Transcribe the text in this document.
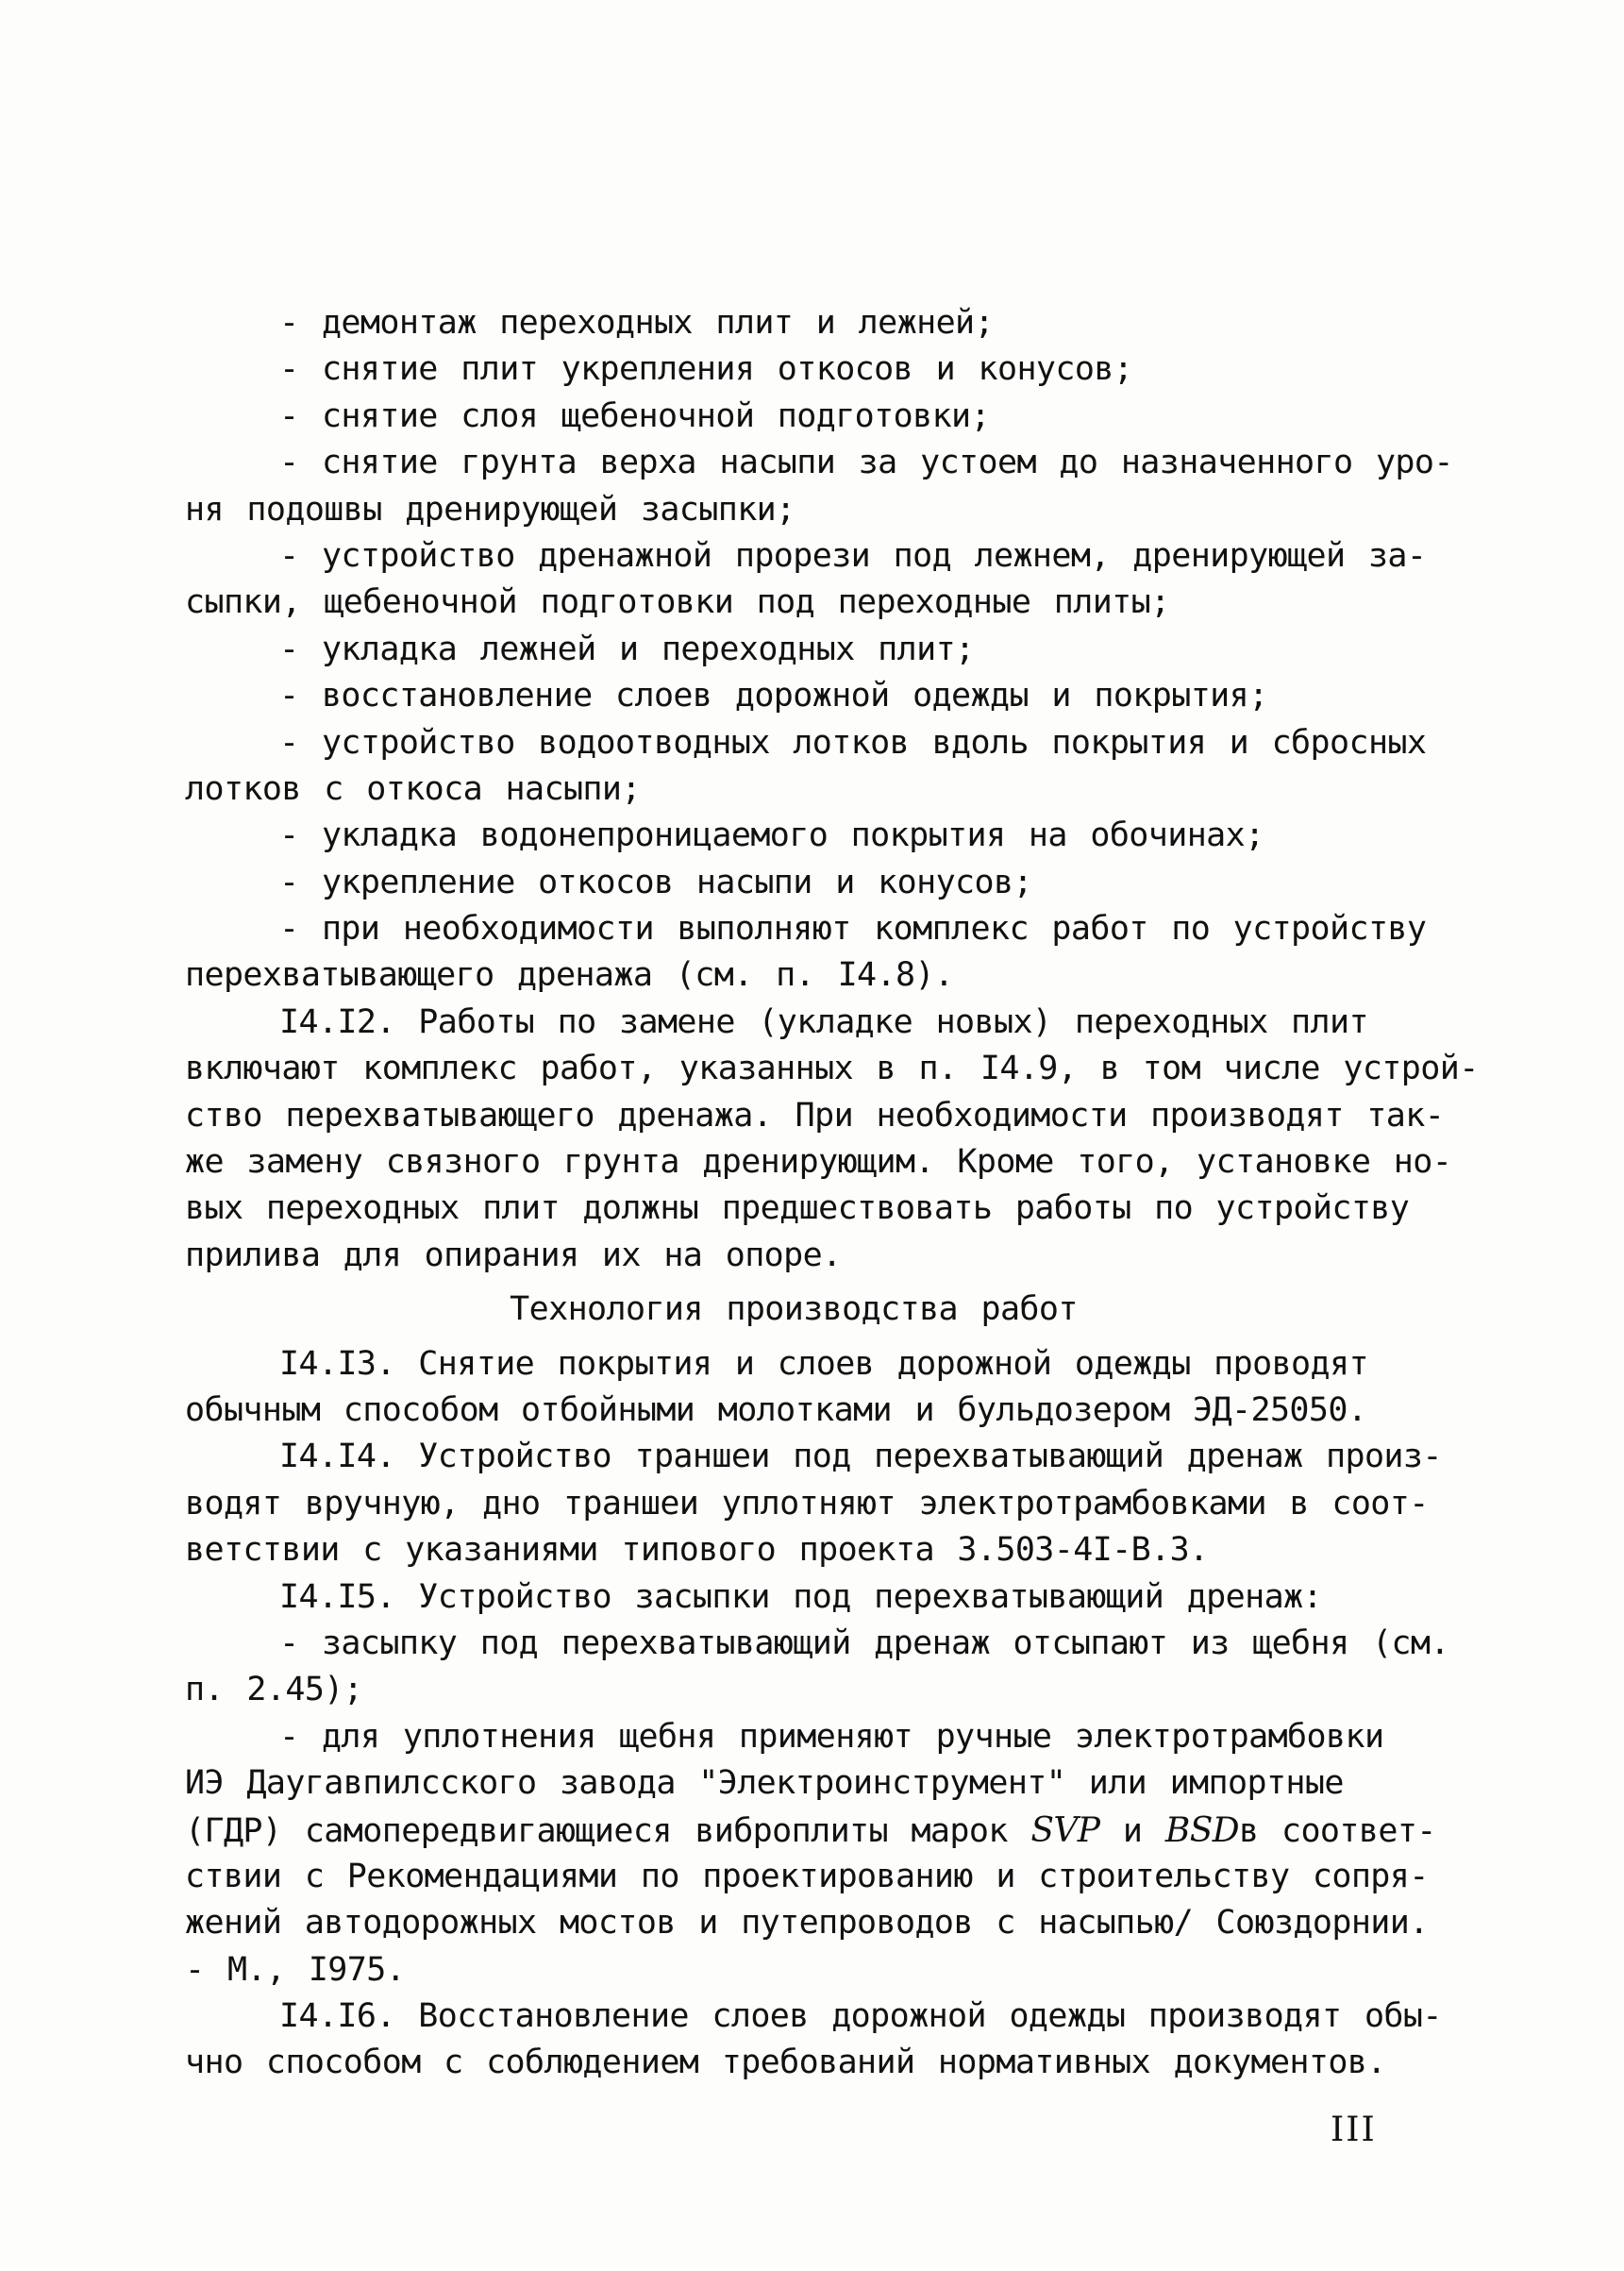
- демонтаж переходных плит и лежней;
- снятие плит укрепления откосов и конусов;
- снятие слоя щебеночной подготовки;
- снятие грунта верха насыпи за устоем до назначенного уро-
ня подошвы дренирующей засыпки;
- устройство дренажной прорези под лежнем, дренирующей за-
сыпки, щебеночной подготовки под переходные плиты;
- укладка лежней и переходных плит;
- восстановление слоев дорожной одежды и покрытия;
- устройство водоотводных лотков вдоль покрытия и сбросных
лотков с откоса насыпи;
- укладка водонепроницаемого покрытия на обочинах;
- укрепление откосов насыпи и конусов;
- при необходимости выполняют комплекс работ по устройству
перехватывающего дренажа (см. п. I4.8).
I4.I2. Работы по замене (укладке новых) переходных плит
включают комплекс работ, указанных в п. I4.9, в том числе устрой-
ство перехватывающего дренажа. При необходимости производят так-
же замену связного грунта дренирующим. Кроме того, установке но-
вых переходных плит должны предшествовать работы по устройству
прилива для опирания их на опоре.
Технология производства работ
I4.I3. Снятие покрытия и слоев дорожной одежды проводят
обычным способом отбойными молотками и бульдозером ЭД-25050.
I4.I4. Устройство траншеи под перехватывающий дренаж произ-
водят вручную, дно траншеи уплотняют электротрамбовками в соот-
ветствии с указаниями типового проекта 3.503-4I-В.3.
I4.I5. Устройство засыпки под перехватывающий дренаж:
- засыпку под перехватывающий дренаж отсыпают из щебня (см.
п. 2.45);
- для уплотнения щебня применяют ручные электротрамбовки
ИЭ Даугавпилсского завода "Электроинструмент" или импортные
(ГДР) самопередвигающиеся виброплиты марок SVP и BSDв соответ-
ствии с Рекомендациями по проектированию и строительству сопря-
жений автодорожных мостов и путепроводов с насыпью/ Союздорнии.
- М., I975.
I4.I6. Восстановление слоев дорожной одежды производят обы-
чно способом с соблюдением требований нормативных документов.
III
